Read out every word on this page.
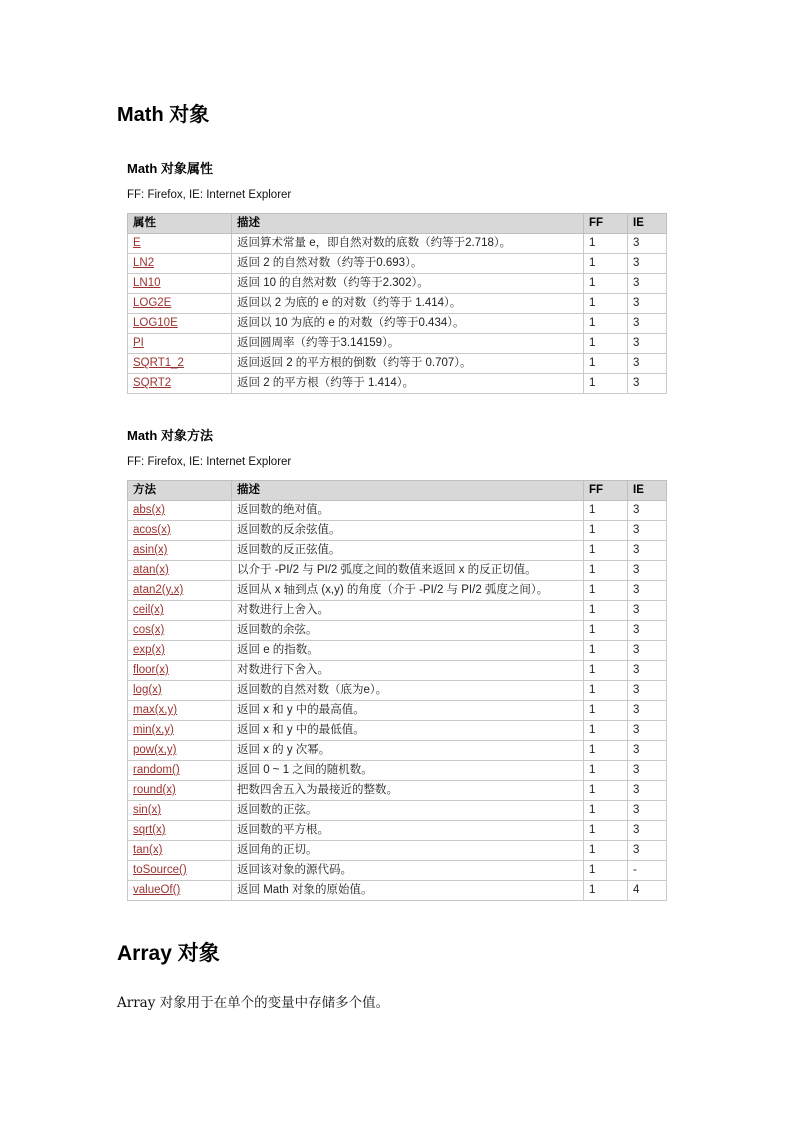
Math 对象
Math 对象属性
FF: Firefox, IE: Internet Explorer
属性	描述	FF	IE
E	返回算术常量 e，即自然对数的底数（约等于2.718）。	1	3
LN2	返回 2 的自然对数（约等于0.693）。	1	3
LN10	返回 10 的自然对数（约等于2.302）。	1	3
LOG2E	返回以 2 为底的 e 的对数（约等于 1.414）。	1	3
LOG10E	返回以 10 为底的 e 的对数（约等于0.434）。	1	3
PI	返回圆周率（约等于3.14159）。	1	3
SQRT1_2	返回返回 2 的平方根的倒数（约等于 0.707）。	1	3
SQRT2	返回 2 的平方根（约等于 1.414）。	1	3
Math 对象方法
FF: Firefox, IE: Internet Explorer
方法	描述	FF	IE
abs(x)	返回数的绝对值。	1	3
acos(x)	返回数的反余弦值。	1	3
asin(x)	返回数的反正弦值。	1	3
atan(x)	以介于 -PI/2 与 PI/2 弧度之间的数值来返回 x 的反正切值。	1	3
atan2(y,x)	返回从 x 轴到点 (x,y) 的角度（介于 -PI/2 与 PI/2 弧度之间）。	1	3
ceil(x)	对数进行上舍入。	1	3
cos(x)	返回数的余弦。	1	3
exp(x)	返回 e 的指数。	1	3
floor(x)	对数进行下舍入。	1	3
log(x)	返回数的自然对数（底为e）。	1	3
max(x,y)	返回 x 和 y 中的最高值。	1	3
min(x,y)	返回 x 和 y 中的最低值。	1	3
pow(x,y)	返回 x 的 y 次幂。	1	3
random()	返回 0 ~ 1 之间的随机数。	1	3
round(x)	把数四舍五入为最接近的整数。	1	3
sin(x)	返回数的正弦。	1	3
sqrt(x)	返回数的平方根。	1	3
tan(x)	返回角的正切。	1	3
toSource()	返回该对象的源代码。	1	-
valueOf()	返回 Math 对象的原始值。	1	4
Array 对象

Array 对象用于在单个的变量中存储多个值。
